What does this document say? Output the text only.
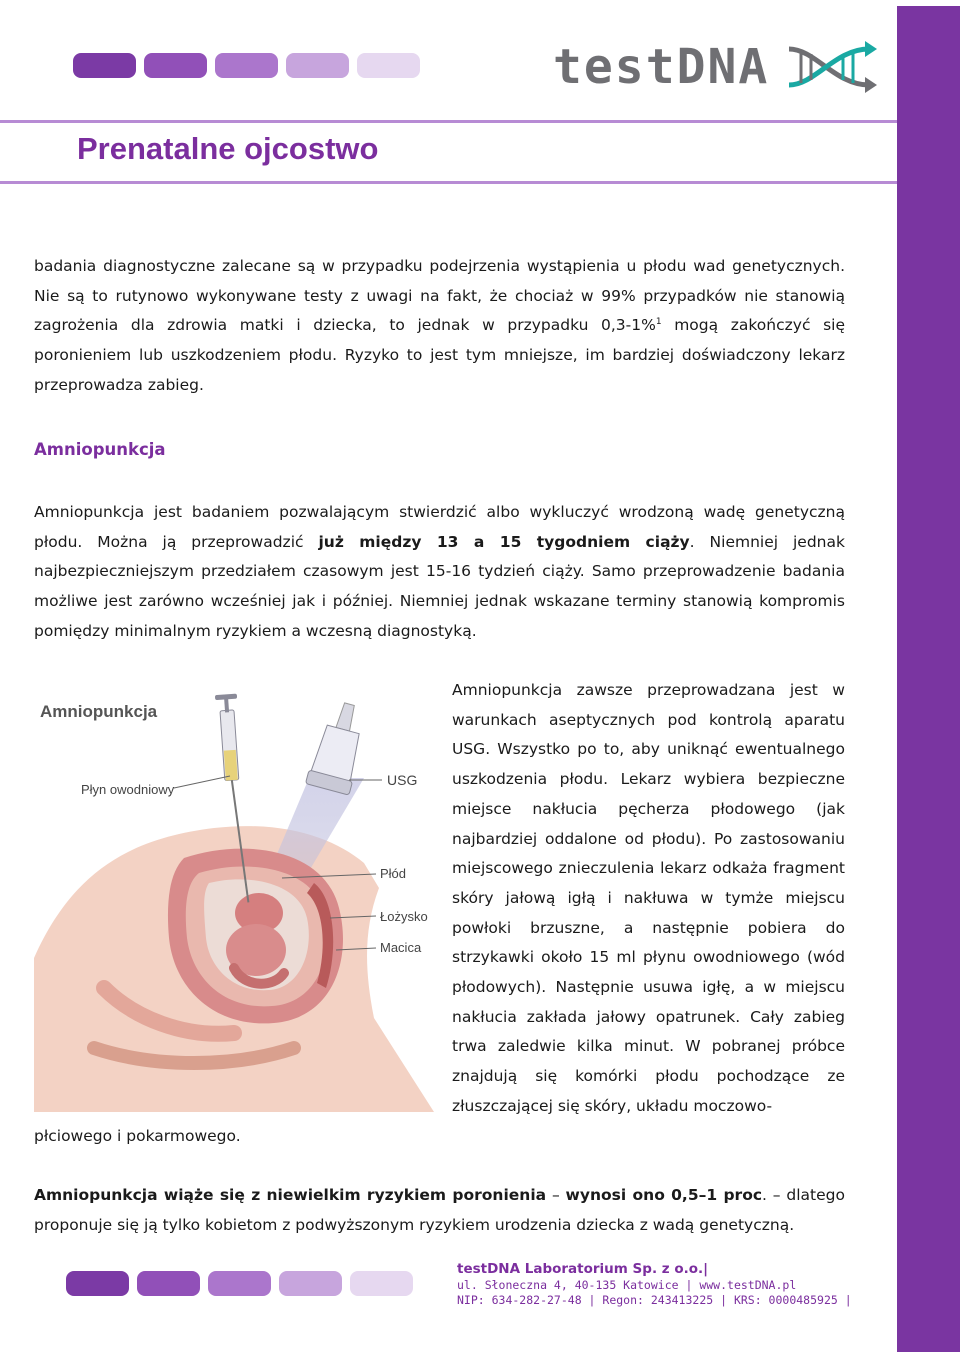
testDNA
Prenatalne ojcostwo

badania diagnostyczne zalecane są w przypadku podejrzenia wystąpienia u płodu wad genetycznych. Nie są to rutynowo wykonywane testy z uwagi na fakt, że chociaż w 99% przypadków nie stanowią zagrożenia dla zdrowia matki i dziecka, to jednak w przypadku 0,3-1%$^1$ mogą zakończyć się poronieniem lub uszkodzeniem płodu. Ryzyko to jest tym mniejsze, im bardziej doświadczony lekarz przeprowadza zabieg.

Amniopunkcja

Amniopunkcja jest badaniem pozwalającym stwierdzić albo wykluczyć wrodzoną wadę genetyczną płodu. Można ją przeprowadzić już między 13 a 15 tygodniem ciąży. Niemniej jednak najbezpieczniejszym przedziałem czasowym jest 15-16 tydzień ciąży. Samo przeprowadzenie badania możliwe jest zarówno wcześniej jak i później. Niemniej jednak wskazane terminy stanowią kompromis pomiędzy minimalnym ryzykiem a wczesną diagnostyką.

Amniopunkcja
Płyn owodniowy
USG
Płód
Łożysko
Macica

Amniopunkcja zawsze przeprowadzana jest w warunkach aseptycznych pod kontrolą aparatu USG. Wszystko po to, aby uniknąć ewentualnego uszkodzenia płodu. Lekarz wybiera bezpieczne miejsce nakłucia pęcherza płodowego (jak najbardziej oddalone od płodu). Po zastosowaniu miejscowego znieczulenia lekarz odkaża fragment skóry jałową igłą i nakłuwa w tymże miejscu powłoki brzuszne, a następnie pobiera do strzykawki około 15 ml płynu owodniowego (wód płodowych). Następnie usuwa igłę, a w miejscu nakłucia zakłada jałowy opatrunek. Cały zabieg trwa zaledwie kilka minut. W pobranej próbce znajdują się komórki płodu pochodzące ze złuszczającej się skóry, układu moczowo-

płciowego i pokarmowego.

Amniopunkcja wiąże się z niewielkim ryzykiem poronienia – wynosi ono 0,5–1 proc. – dlatego proponuje się ją tylko kobietom z podwyższonym ryzykiem urodzenia dziecka z wadą genetyczną.

testDNA Laboratorium Sp. z o.o.|
ul. Słoneczna 4, 40-135 Katowice | www.testDNA.pl
NIP: 634-282-27-48 | Regon: 243413225 | KRS: 0000485925 |
